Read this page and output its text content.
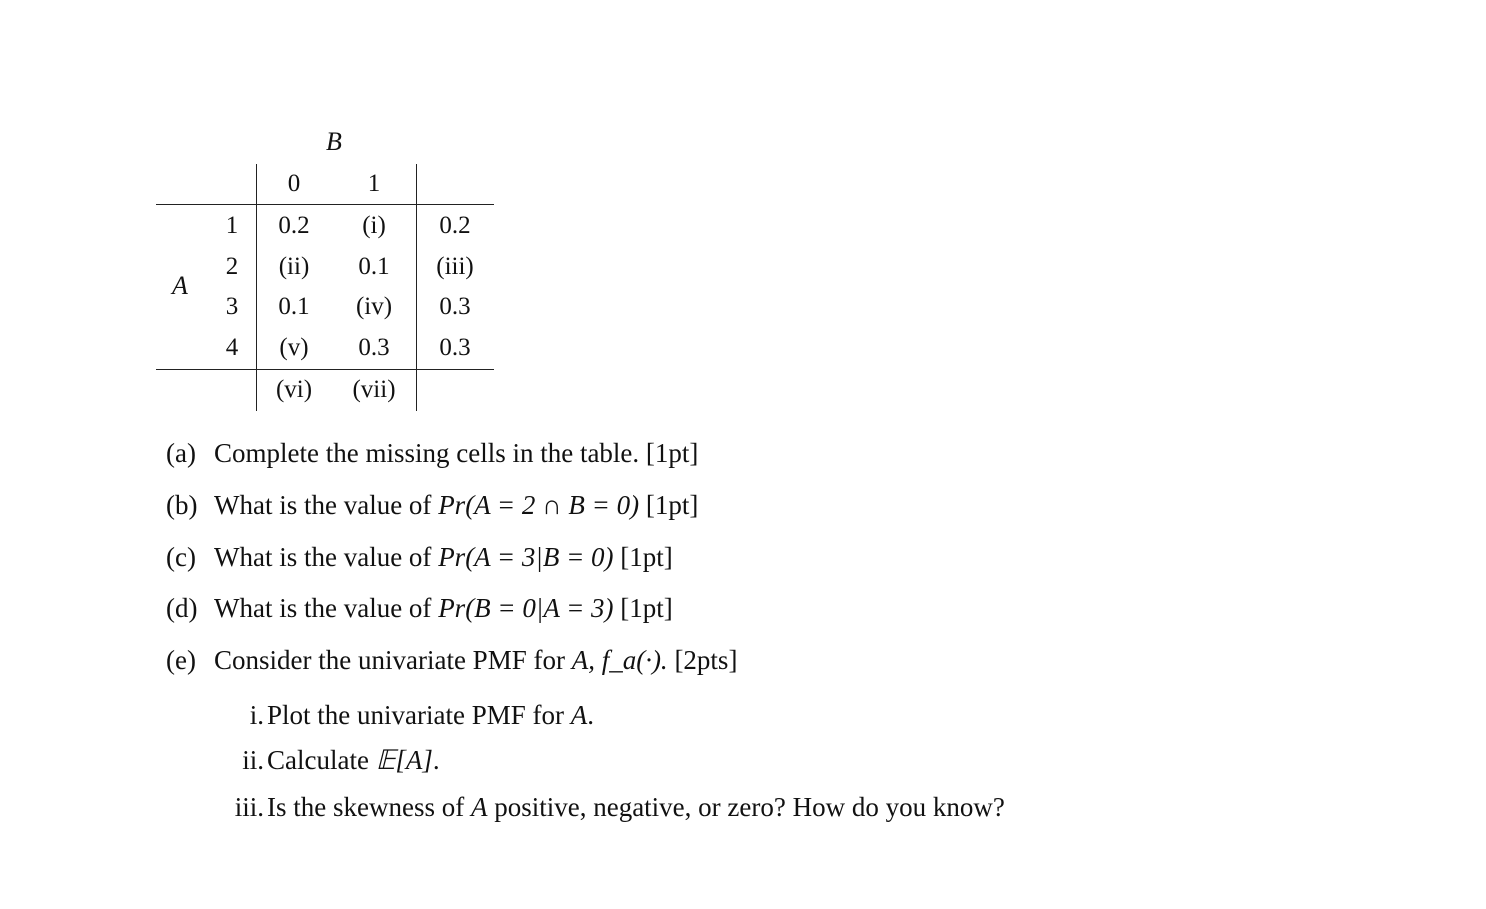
B
A
0	1
1
2
3
4
0.2 (i) 0.2
(ii) 0.1 (iii)
0.1 (iv) 0.3
(v) 0.3 0.3
(vi) (vii)
(a) Complete the missing cells in the table. [1pt]
(b) What is the value of Pr(A = 2 ∩ B = 0) [1pt]
(c) What is the value of Pr(A = 3|B = 0) [1pt]
(d) What is the value of Pr(B = 0|A = 3) [1pt]
(e) Consider the univariate PMF for A, f_a(·). [2pts]
i. Plot the univariate PMF for A.
ii. Calculate 𝔼[A].
iii. Is the skewness of A positive, negative, or zero? How do you know?
